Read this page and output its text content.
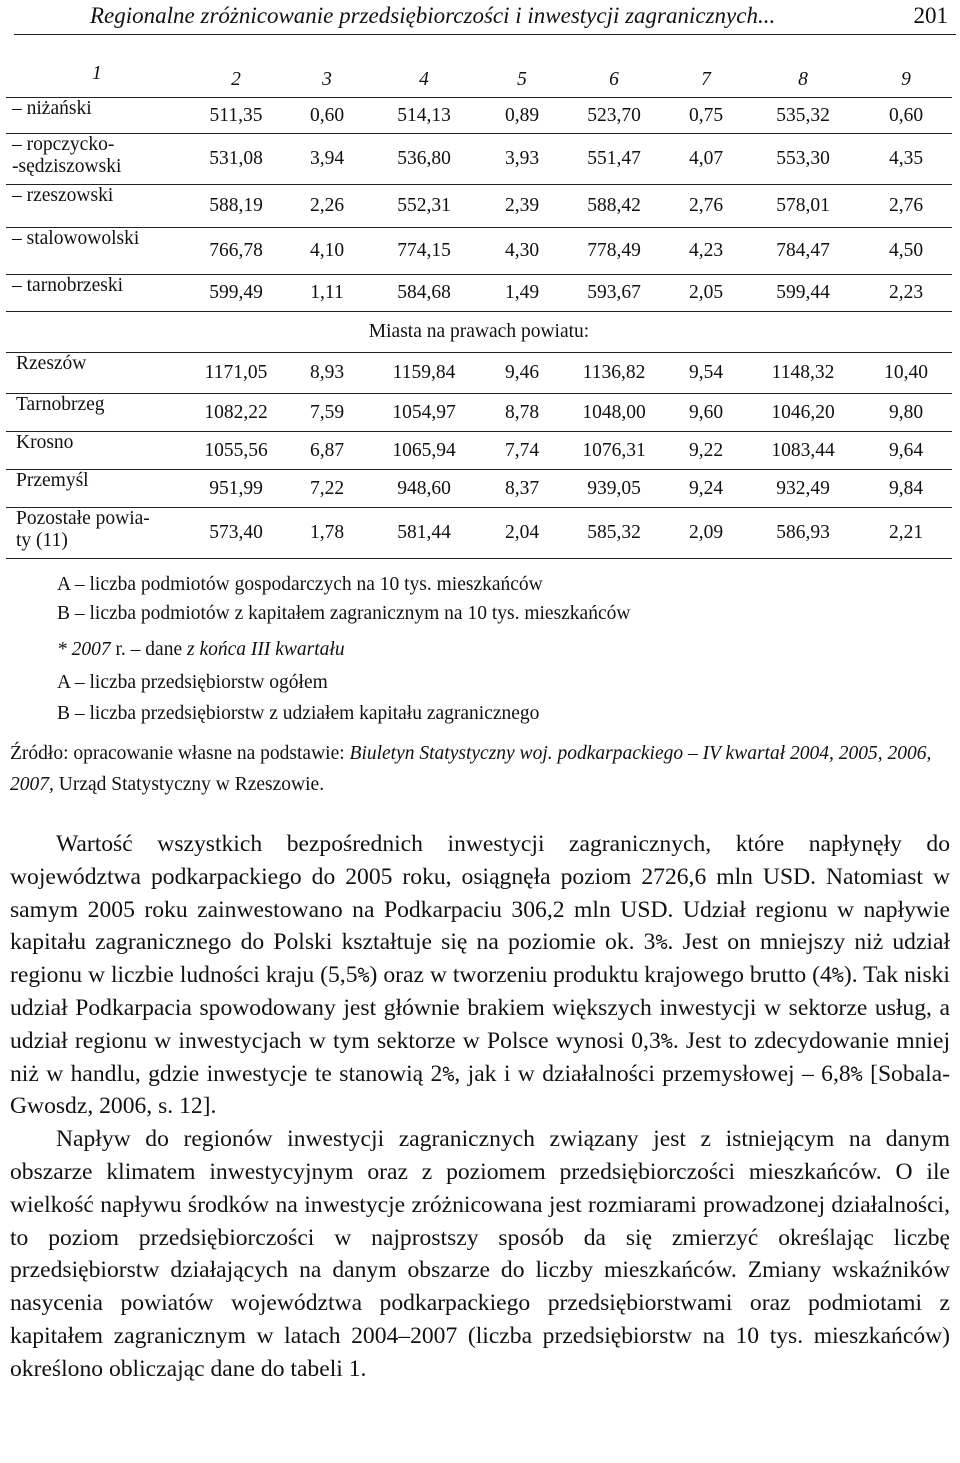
Regionalne zróżnicowanie przedsiębiorczości i inwestycji zagranicznych...	201
1	2	3	4	5	6	7	8	9
– niżański	511,35	0,60	514,13	0,89	523,70	0,75	535,32	0,60

– ropczycko-
-sędziszowski	531,08	3,94	536,80	3,93	551,47	4,07	553,30	4,35
– rzeszowski	588,19	2,26	552,31	2,39	588,42	2,76	578,01	2,76
– stalowowolski	766,78	4,10	774,15	4,30	778,49	4,23	784,47	4,50
– tarnobrzeski	599,49	1,11	584,68	1,49	593,67	2,05	599,44	2,23
Miasta na prawach powiatu:								
Rzeszów	1171,05	8,93	1159,84	9,46	1136,82	9,54	1148,32	10,40
Tarnobrzeg	1082,22	7,59	1054,97	8,78	1048,00	9,60	1046,20	9,80
Krosno	1055,56	6,87	1065,94	7,74	1076,31	9,22	1083,44	9,64
Przemyśl	951,99	7,22	948,60	8,37	939,05	9,24	932,49	9,84

Pozostałe powia-
ty (11)	573,40	1,78	581,44	2,04	585,32	2,09	586,93	2,21
A – liczba podmiotów gospodarczych na 10 tys. mieszkańców
B – liczba podmiotów z kapitałem zagranicznym na 10 tys. mieszkańców
* 2007 r. – dane z końca III kwartału
A – liczba przedsiębiorstw ogółem
B – liczba przedsiębiorstw z udziałem kapitału zagranicznego
Źródło: opracowanie własne na podstawie: Biuletyn Statystyczny woj. podkarpackiego – IV kwartał 2004, 2005, 2006, 2007, Urząd Statystyczny w Rzeszowie.

Wartość wszystkich bezpośrednich inwestycji zagranicznych, które napłynęły do województwa podkarpackiego do 2005 roku, osiągnęła poziom 2726,6 mln USD. Natomiast w samym 2005 roku zainwestowano na Podkarpaciu 306,2 mln USD. Udział regionu w napływie kapitału zagranicznego do Polski kształtuje się na poziomie ok. 3%. Jest on mniejszy niż udział regionu w liczbie ludności kraju (5,5%) oraz w tworzeniu produktu krajowego brutto (4%). Tak niski udział Podkarpacia spowodowany jest głównie brakiem większych inwestycji w sektorze usług, a udział regionu w inwestycjach w tym sektorze w Polsce wynosi 0,3%. Jest to zdecydowanie mniej niż w handlu, gdzie inwestycje te stanowią 2%, jak i w działalności przemysłowej – 6,8% [Sobala-Gwosdz, 2006, s. 12].

Napływ do regionów inwestycji zagranicznych związany jest z istniejącym na danym obszarze klimatem inwestycyjnym oraz z poziomem przedsiębiorczości mieszkańców. O ile wielkość napływu środków na inwestycje zróżnicowana jest rozmiarami prowadzonej działalności, to poziom przedsiębiorczości w najprostszy sposób da się zmierzyć określając liczbę przedsiębiorstw działających na danym obszarze do liczby mieszkańców. Zmiany wskaźników nasycenia powiatów województwa podkarpackiego przedsiębiorstwami oraz podmiotami z kapitałem zagranicznym w latach 2004–2007 (liczba przedsiębiorstw na 10 tys. mieszkańców) określono obliczając dane do tabeli 1.
